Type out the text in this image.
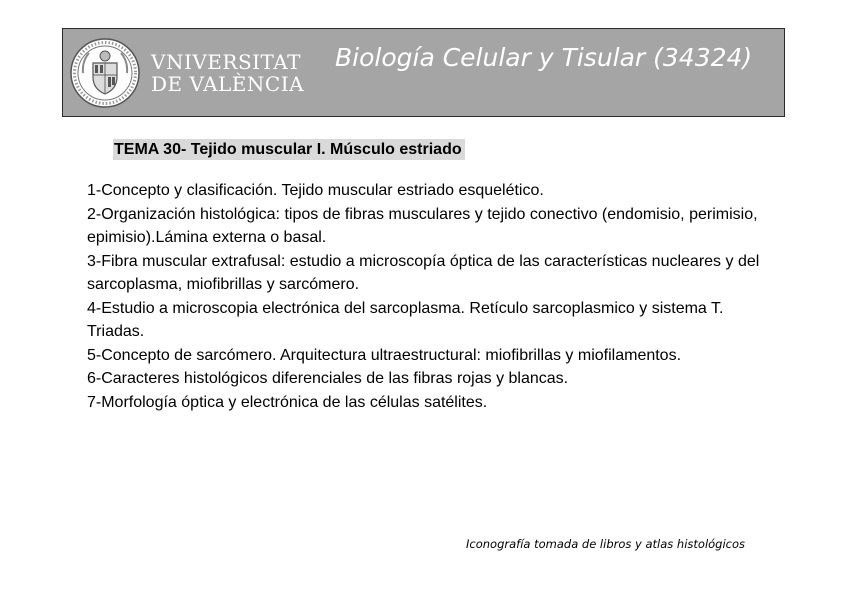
VNIVERSITAT
DE VALÈNCIA
Biología Celular y Tisular (34324)
TEMA 30- Tejido muscular I. Músculo estriado
1-Concepto y clasificación. Tejido muscular estriado esquelético.
2-Organización histológica: tipos de fibras musculares y tejido conectivo (endomisio, perimisio, epimisio).Lámina externa o basal.
3-Fibra muscular extrafusal: estudio a microscopía óptica de las características nucleares y del sarcoplasma, miofibrillas y sarcómero.
4-Estudio a microscopia electrónica del sarcoplasma. Retículo sarcoplasmico y sistema T. Triadas.
5-Concepto de sarcómero. Arquitectura ultraestructural: miofibrillas y miofilamentos.
6-Caracteres histológicos diferenciales de las fibras rojas y blancas.
7-Morfología óptica y electrónica de las células satélites.
Iconografía tomada de libros y atlas histológicos
